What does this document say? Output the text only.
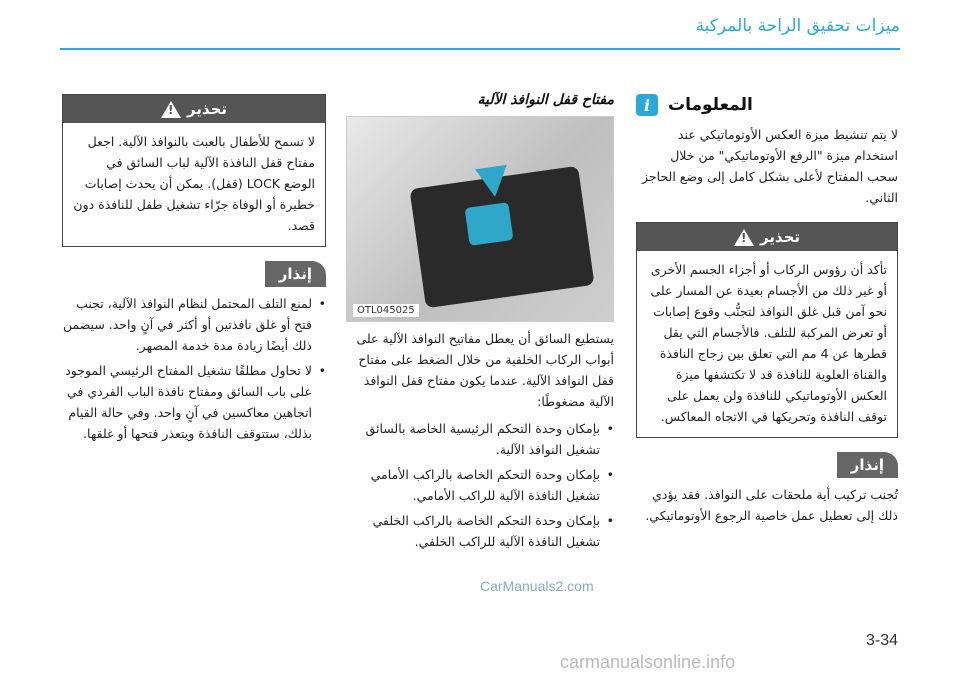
ميزات تحقيق الراحة بالمركبة
i	المعلومات

لا يتم تنشيط ميزة العكس الأوتوماتيكي عند استخدام ميزة "الرفع الأوتوماتيكي" من خلال سحب المفتاح لأعلى بشكل كامل إلى وضع الحاجز الثاني.

!
تحذير
تأكد أن رؤوس الركاب أو أجزاء الجسم الأخرى أو غير ذلك من الأجسام بعيدة عن المسار على نحو آمن قبل غلق النوافذ لتجنُّب وقوع إصابات أو تعرض المركبة للتلف. فالأجسام التي يقل قطرها عن 4 مم التي تعلق بين زجاج النافذة والقناة العلوية للنافذة قد لا تكتشفها ميزة العكس الأوتوماتيكي للنافذة ولن يعمل على توقف النافذة وتحريكها في الاتجاه المعاكس.
إنذار

تُجنب تركيب أية ملحقات على النوافذ. فقد يؤدي ذلك إلى تعطيل عمل خاصية الرجوع الأوتوماتيكي.

مفتاح قفل النوافذ الآلية
OTL045025

يستطيع السائق أن يعطل مفاتيح النوافذ الآلية على أبواب الركاب الخلفية من خلال الضغط على مفتاح قفل النوافذ الآلية. عندما يكون مفتاح قفل النوافذ الآلية مضغوطًا:

• بإمكان وحدة التحكم الرئيسية الخاصة بالسائق تشغيل النوافذ الآلية.
• بإمكان وحدة التحكم الخاصة بالراكب الأمامي تشغيل النافذة الآلية للراكب الأمامي.
• بإمكان وحدة التحكم الخاصة بالراكب الخلفي تشغيل النافذة الآلية للراكب الخلفي.
!
تحذير
لا تسمح للأطفال بالعبث بالنوافذ الآلية. اجعل مفتاح قفل النافذة الآلية لباب السائق في الوضع LOCK (قفل). يمكن أن يحدث إصابات خطيرة أو الوفاة جرّاء تشغيل طفل للنافذة دون قصد.
إنذار
• لمنع التلف المحتمل لنظام النوافذ الآلية، تجنب فتح أو غلق نافذتين أو أكثر في آنٍ واحد. سيضمن ذلك أيضًا زيادة مدة خدمة المصهر.
• لا تحاول مطلقًا تشغيل المفتاح الرئيسي الموجود على باب السائق ومفتاح نافذة الباب الفردي في اتجاهين معاكسين في آنٍ واحد. وفي حالة القيام بذلك، ستتوقف النافذة ويتعذر فتحها أو غلقها.
CarManuals2.com
3-34
carmanualsonline.info
